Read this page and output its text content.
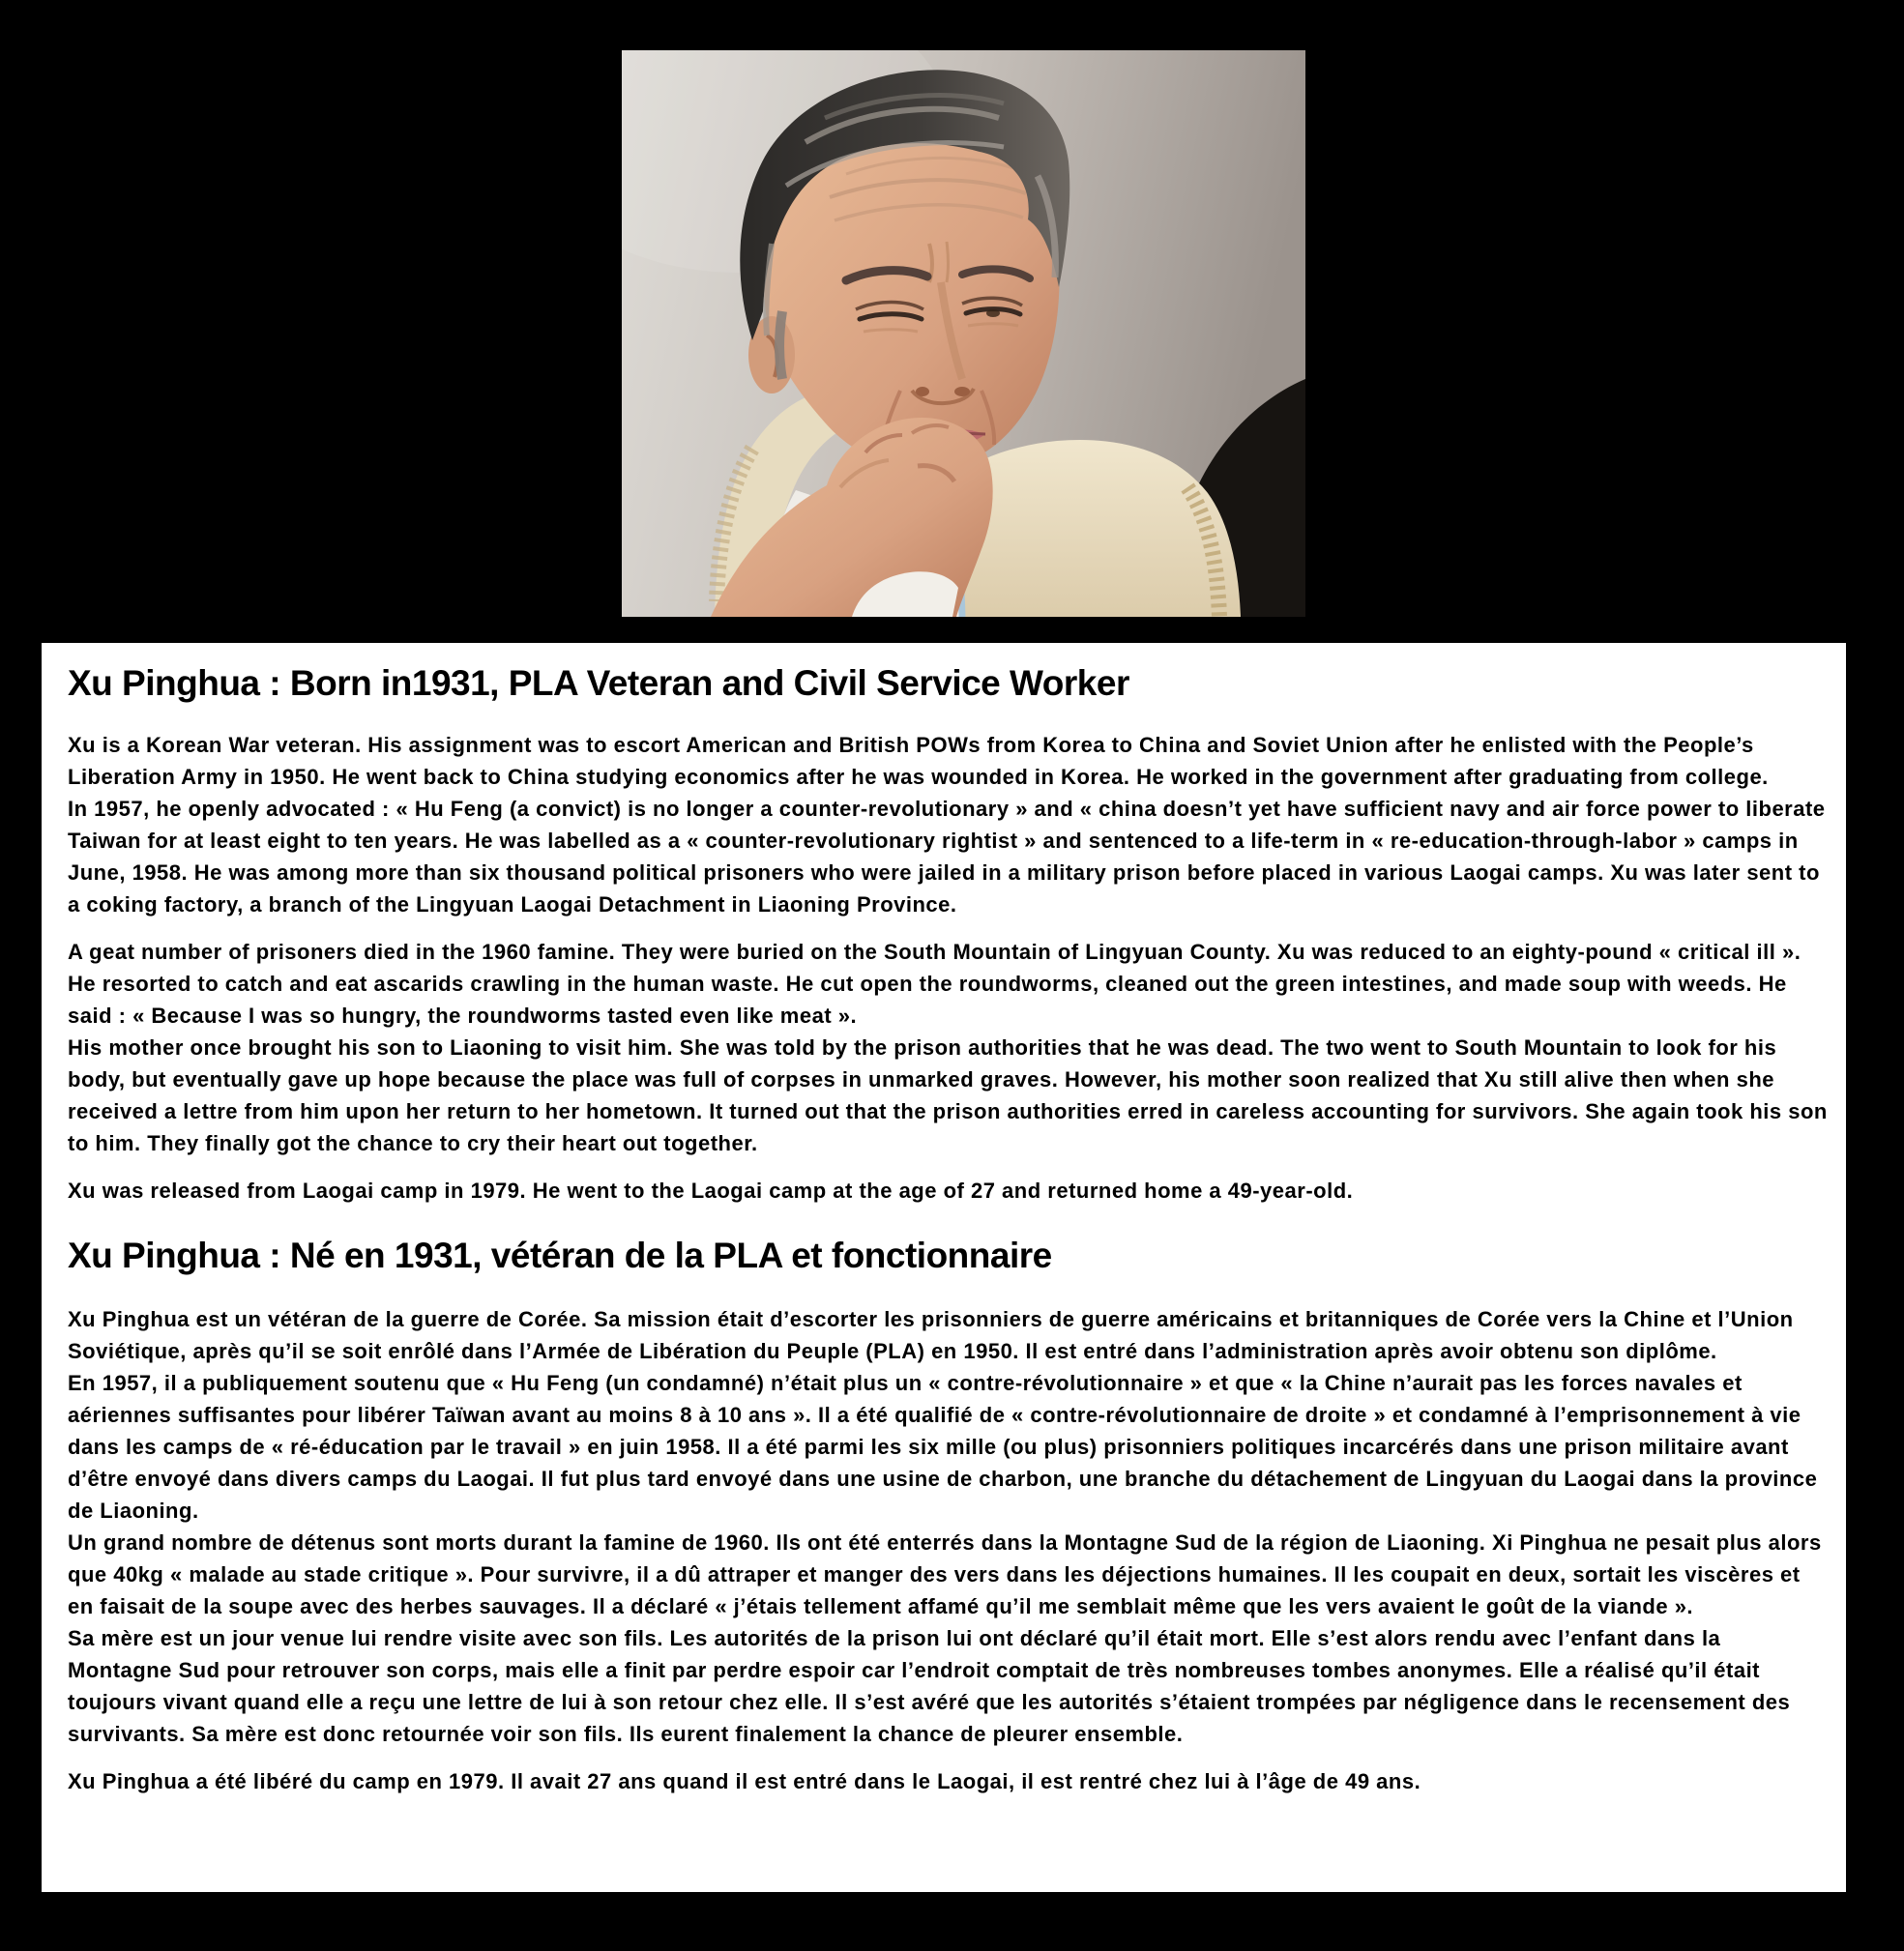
Xu Pinghua : Born in1931, PLA Veteran and Civil Service Worker

Xu is a Korean War veteran. His assignment was to escort American and British POWs from Korea to China and Soviet Union after he enlisted with the People’s Liberation Army in 1950. He went back to China studying economics after he was wounded in Korea. He worked in the government after graduating from college.

In 1957, he openly advocated : « Hu Feng (a convict) is no longer a counter-revolutionary » and « china doesn’t yet have sufficient navy and air force power to liberate Taiwan for at least eight to ten years. He was labelled as a « counter-revolutionary rightist » and sentenced to a life-term in « re-education-through-labor » camps in June, 1958. He was among more than six thousand political prisoners who were jailed in a military prison before placed in various Laogai camps. Xu was later sent to a coking factory, a branch of the Lingyuan Laogai Detachment in Liaoning Province.

A geat number of prisoners died in the 1960 famine. They were buried on the South Mountain of Lingyuan County. Xu was reduced to an eighty-pound « critical ill ». He resorted to catch and eat ascarids crawling in the human waste. He cut open the roundworms, cleaned out the green intestines, and made soup with weeds. He said : « Because I was so hungry, the roundworms tasted even like meat ».

His mother once brought his son to Liaoning to visit him. She was told by the prison authorities that he was dead. The two went to South Mountain to look for his body, but eventually gave up hope because the place was full of corpses in unmarked graves. However, his mother soon realized that Xu still alive then when she received a lettre from him upon her return to her hometown. It turned out that the prison authorities erred in careless accounting for survivors. She again took his son to him. They finally got the chance to cry their heart out together.

Xu was released from Laogai camp in 1979. He went to the Laogai camp at the age of 27 and returned home a 49-year-old.

Xu Pinghua : Né en 1931, vétéran de la PLA et fonctionnaire

Xu Pinghua est un vétéran de la guerre de Corée. Sa mission était d’escorter les prisonniers de guerre américains et britanniques de Corée vers la Chine et l’Union Soviétique, après qu’il se soit enrôlé dans l’Armée de Libération du Peuple (PLA) en 1950. Il est entré dans l’administration après avoir obtenu son diplôme.

En 1957, il a publiquement soutenu que « Hu Feng (un condamné) n’était plus un « contre-révolutionnaire » et que « la Chine n’aurait pas les forces navales et aériennes suffisantes pour libérer Taïwan avant au moins 8 à 10 ans ». Il a été qualifié de « contre-révolutionnaire de droite » et condamné à l’emprisonnement à vie dans les camps de « ré-éducation par le travail » en juin 1958. Il a été parmi les six mille (ou plus) prisonniers politiques incarcérés dans une prison militaire avant d’être envoyé dans divers camps du Laogai. Il fut plus tard envoyé dans une usine de charbon, une branche du détachement de Lingyuan du Laogai dans la province de Liaoning.

Un grand nombre de détenus sont morts durant la famine de 1960. Ils ont été enterrés dans la Montagne Sud de la région de Liaoning. Xi Pinghua ne pesait plus alors que 40kg « malade au stade critique ». Pour survivre, il a dû attraper et manger des vers dans les déjections humaines. Il les coupait en deux, sortait les viscères et en faisait de la soupe avec des herbes sauvages. Il a déclaré « j’étais tellement affamé qu’il me semblait même que les vers avaient le goût de la viande ».

Sa mère est un jour venue lui rendre visite avec son fils. Les autorités de la prison lui ont déclaré qu’il était mort. Elle s’est alors rendu avec l’enfant dans la Montagne Sud pour retrouver son corps, mais elle a finit par perdre espoir car l’endroit comptait de très nombreuses tombes anonymes. Elle a réalisé qu’il était toujours vivant quand elle a reçu une lettre de lui à son retour chez elle. Il s’est avéré que les autorités s’étaient trompées par négligence dans le recensement des survivants. Sa mère est donc retournée voir son fils. Ils eurent finalement la chance de pleurer ensemble.

Xu Pinghua a été libéré du camp en 1979. Il avait 27 ans quand il est entré dans le Laogai, il est rentré chez lui à l’âge de 49 ans.
